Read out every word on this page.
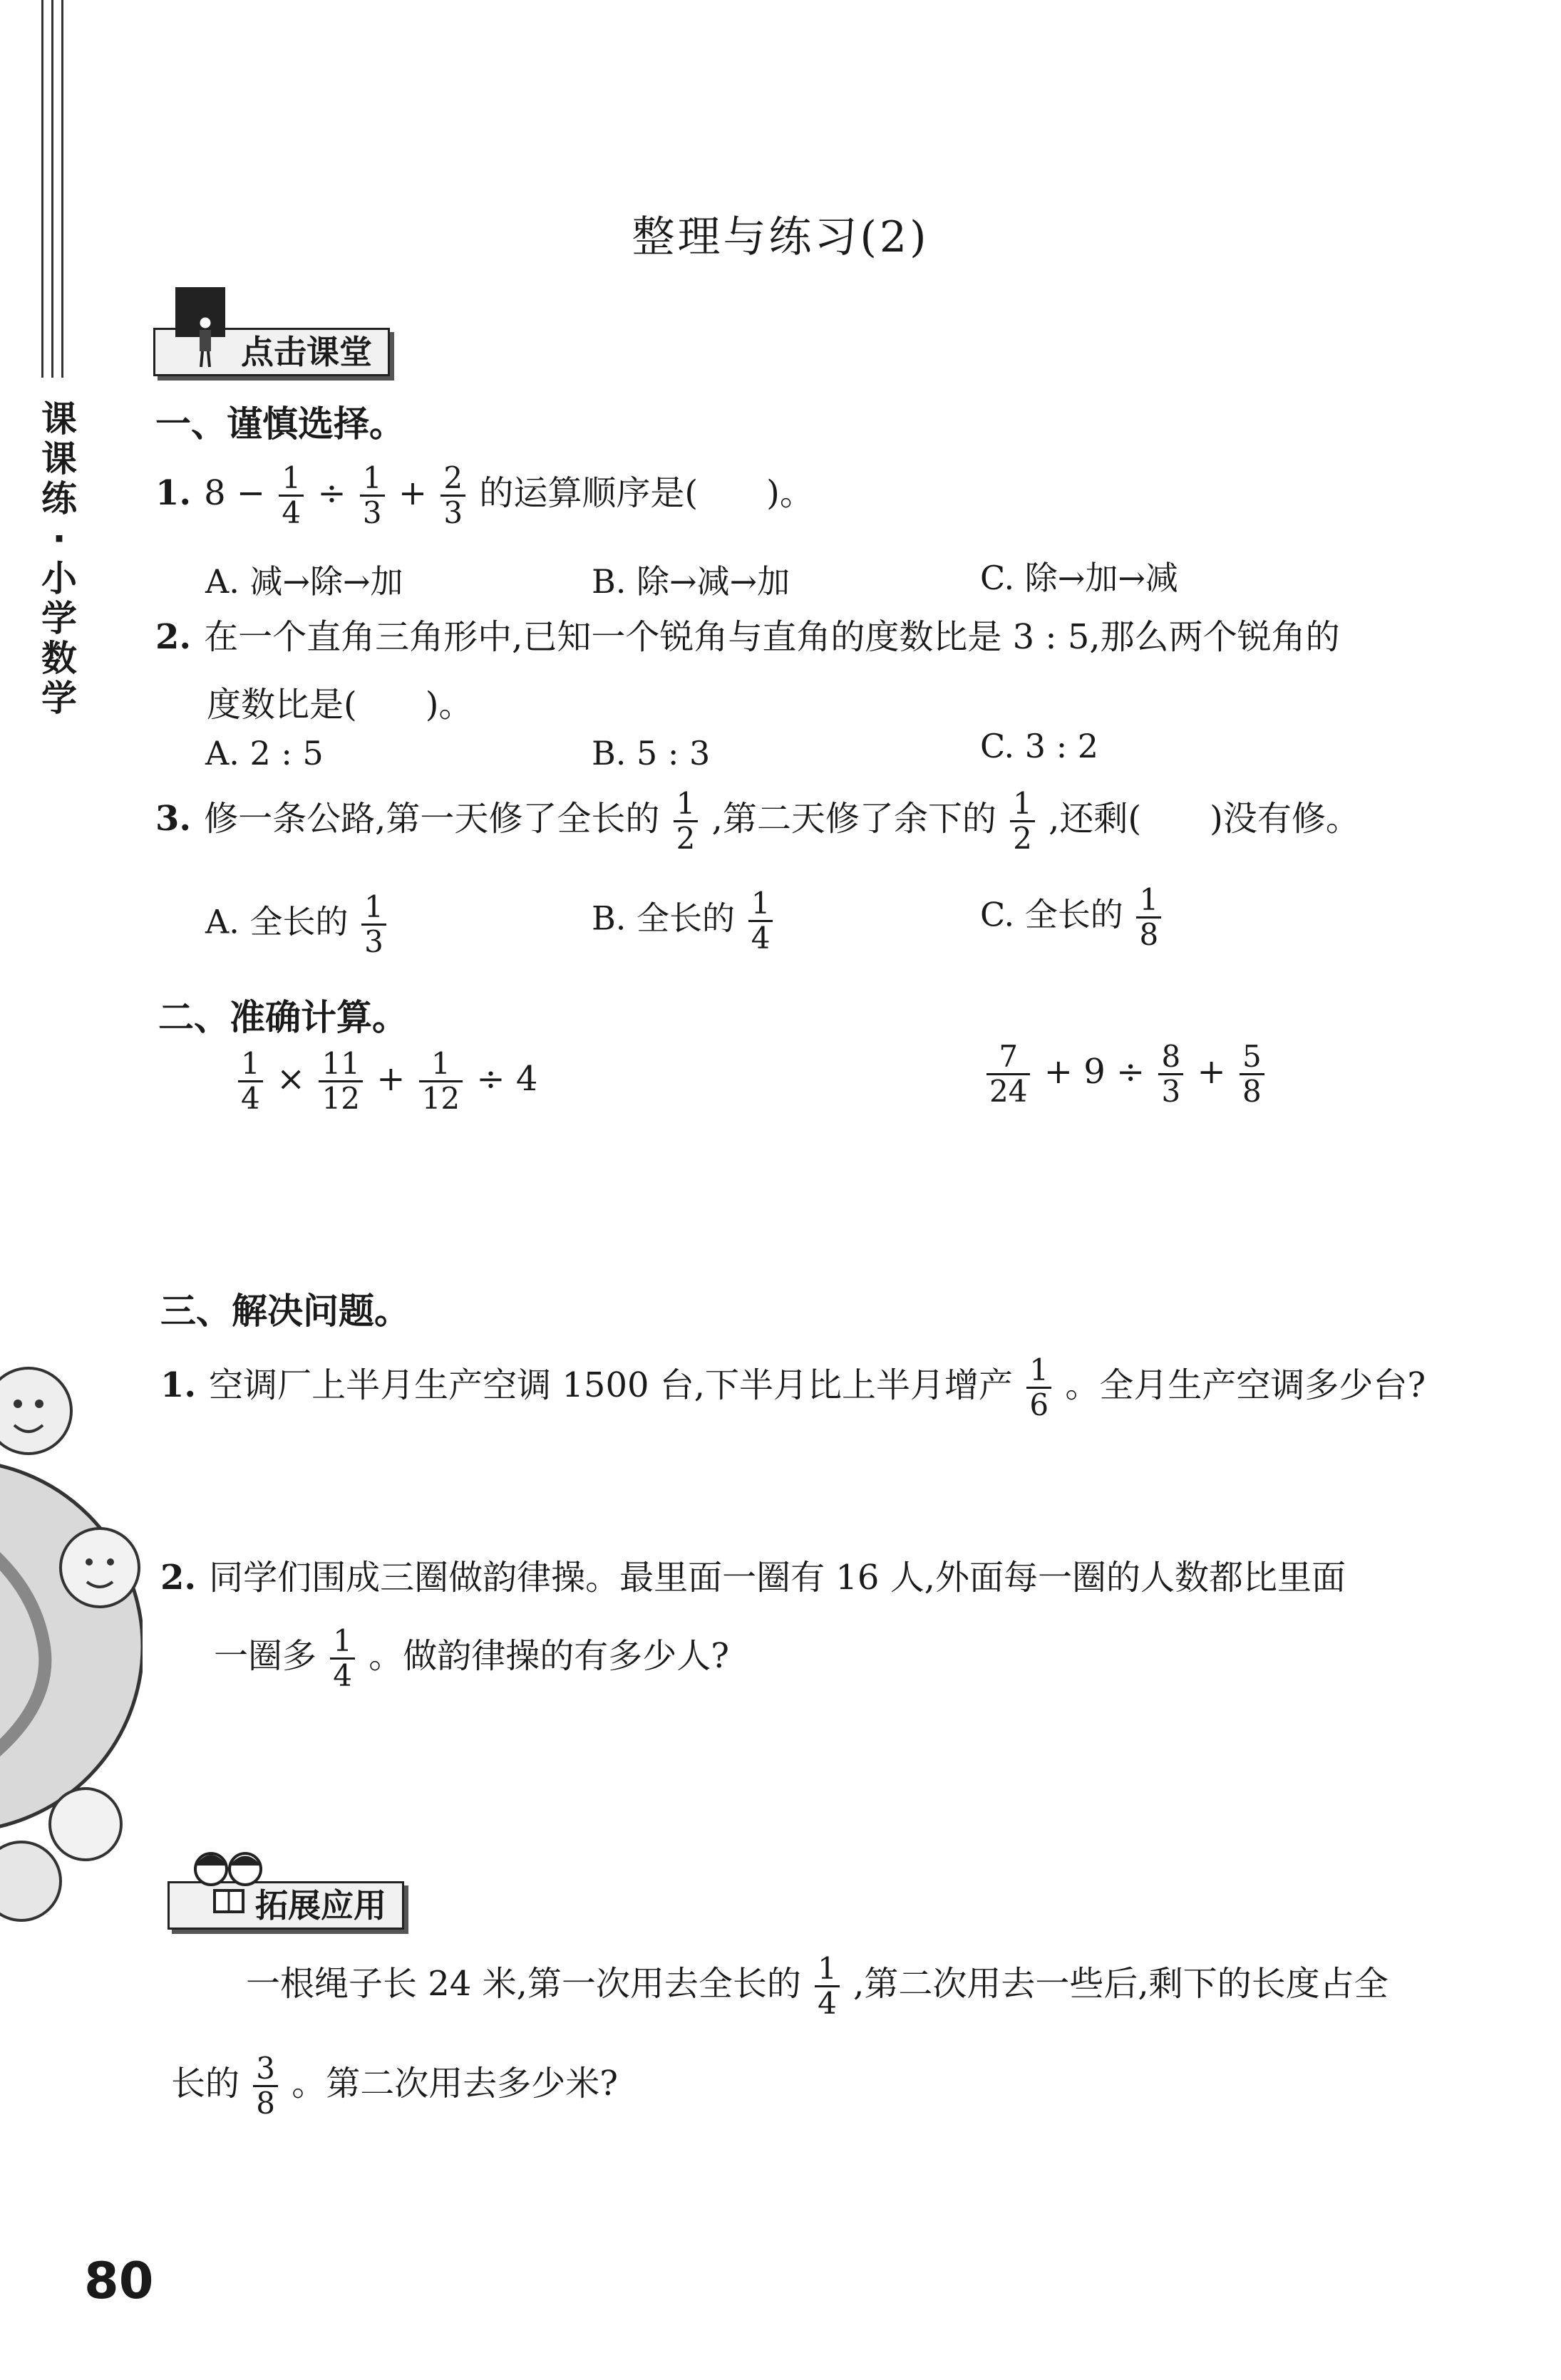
课
课
练
·
小
学
数
学
整理与练习(2)
点击课堂
一、谨慎选择。
1. $8 - \frac{1}{4} \div \frac{1}{3} + \frac{2}{3}$ 的运算顺序是(　　)。
A. 减→除→加	B. 除→减→加	C. 除→加→减
2. 在一个直角三角形中,已知一个锐角与直角的度数比是 3 : 5,那么两个锐角的
度数比是(　　)。
A. 2 : 5	B. 5 : 3	C. 3 : 2
3. 修一条公路,第一天修了全长的 $\frac{1}{2}$ ,第二天修了余下的 $\frac{1}{2}$ ,还剩(　　)没有修。
A. 全长的 $\frac{1}{3}$	B. 全长的 $\frac{1}{4}$	C. 全长的 $\frac{1}{8}$
二、准确计算。
$\frac{1}{4} \times \frac{11}{12} + \frac{1}{12} \div 4$	$\frac{7}{24} + 9 \div \frac{8}{3} + \frac{5}{8}$
三、解决问题。
1. 空调厂上半月生产空调 1500 台,下半月比上半月增产 $\frac{1}{6}$ 。全月生产空调多少台?
2. 同学们围成三圈做韵律操。最里面一圈有 16 人,外面每一圈的人数都比里面
一圈多 $\frac{1}{4}$ 。做韵律操的有多少人?
拓展应用
一根绳子长 24 米,第一次用去全长的 $\frac{1}{4}$ ,第二次用去一些后,剩下的长度占全
长的 $\frac{3}{8}$ 。第二次用去多少米?
80
